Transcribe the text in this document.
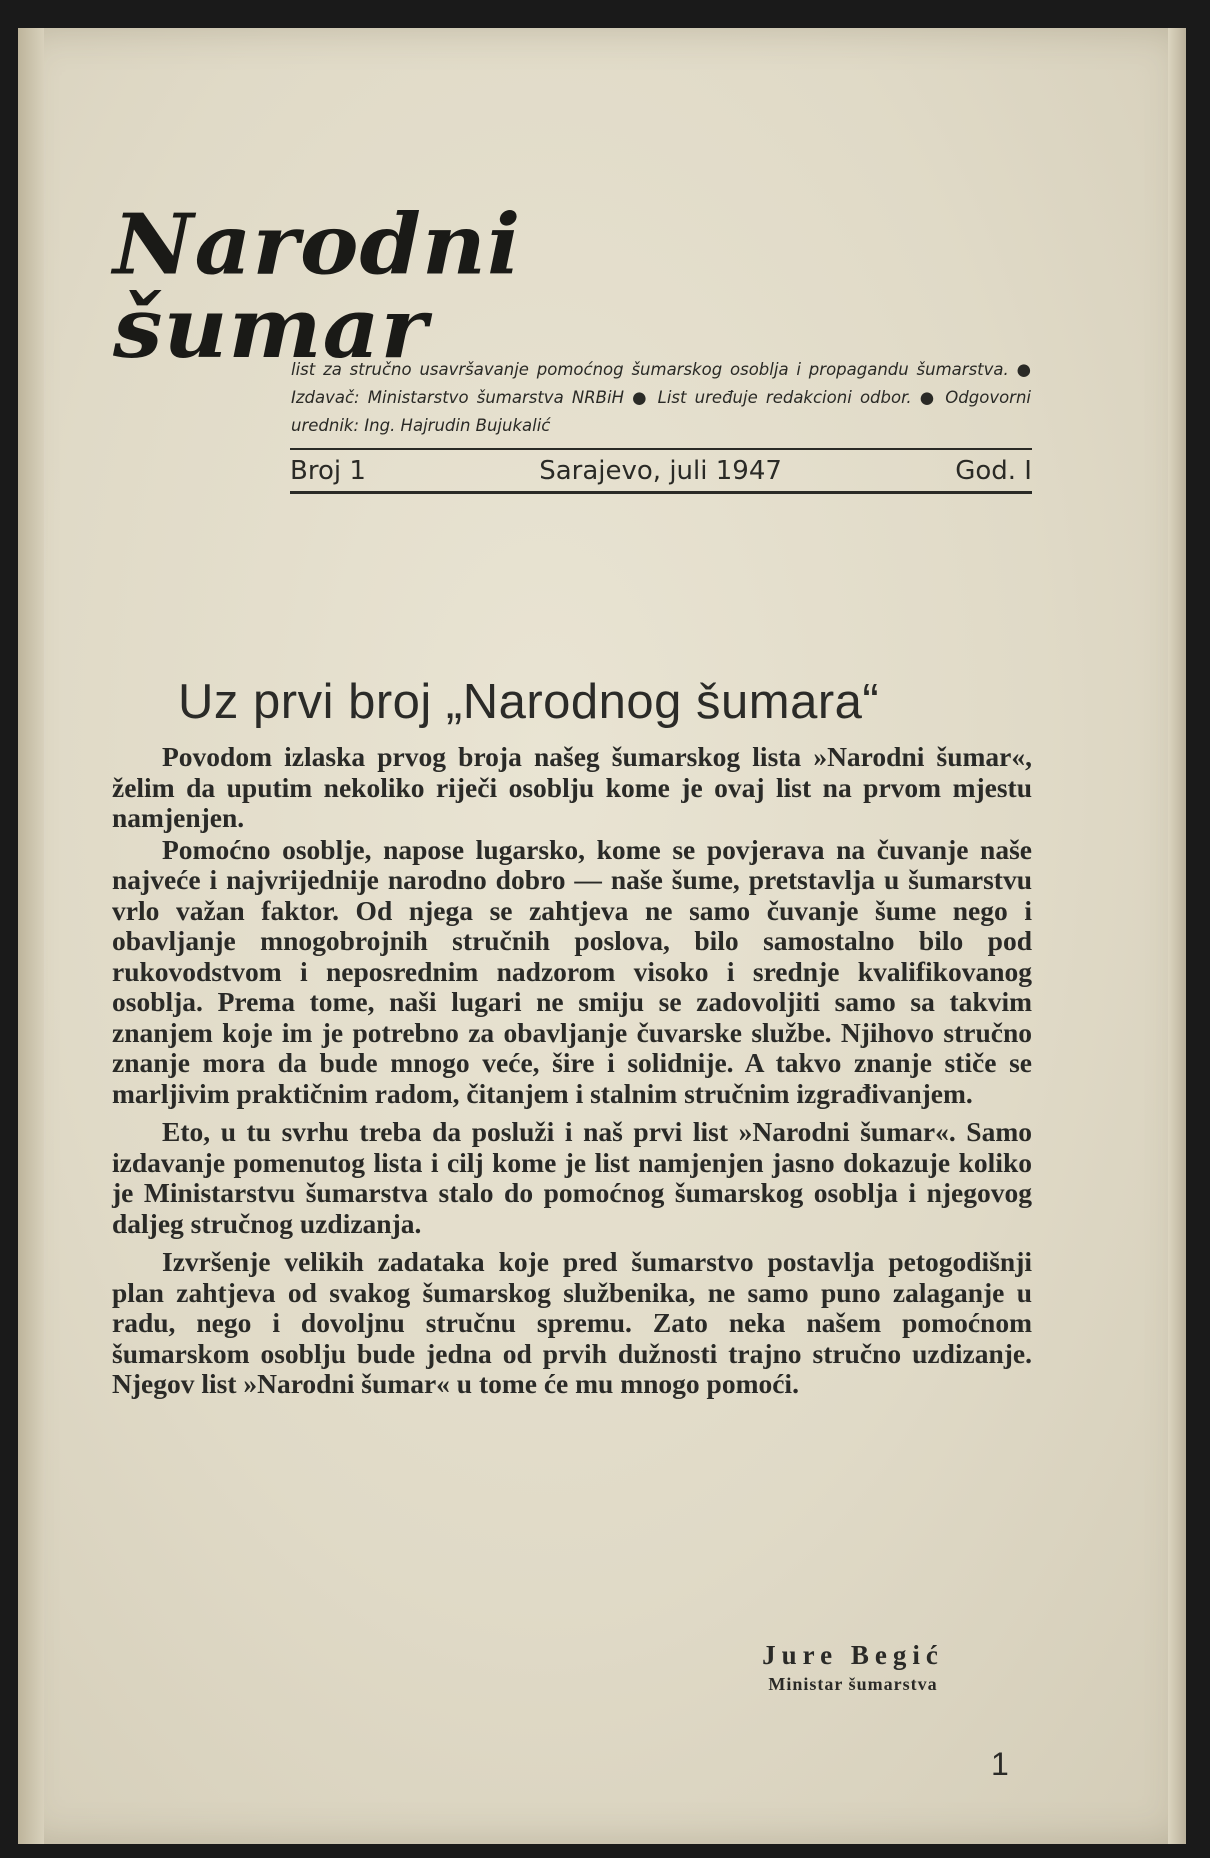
Narodni šumar
list za stručno usavršavanje pomoćnog šumarskog osoblja i propagandu šumarstva. ● Izdavač: Ministarstvo šumarstva NRBiH ● List uređuje redakcioni odbor. ● Odgovorni urednik: Ing. Hajrudin Bujukalić
Broj 1	Sarajevo, juli 1947	God. I
Uz prvi broj „Narodnog šumara“

Povodom izlaska prvog broja našeg šumarskog lista »Narodni šumar«, želim da uputim nekoliko riječi osoblju kome je ovaj list na prvom mjestu namjenjen.

Pomoćno osoblje, napose lugarsko, kome se povjerava na čuvanje naše najveće i najvrijednije narodno dobro — naše šume, pretstavlja u šumarstvu vrlo važan faktor. Od njega se zahtjeva ne samo čuvanje šume nego i obavljanje mnogobrojnih stručnih poslova, bilo samostalno bilo pod rukovodstvom i neposrednim nadzorom visoko i srednje kvalifikovanog osoblja. Prema tome, naši lugari ne smiju se zadovoljiti samo sa takvim znanjem koje im je potrebno za obavljanje čuvarske službe. Njihovo stručno znanje mora da bude mnogo veće, šire i solidnije. A takvo znanje stiče se marljivim praktičnim radom, čitanjem i stalnim stručnim izgrađivanjem.

Eto, u tu svrhu treba da posluži i naš prvi list »Narodni šumar«. Samo izdavanje pomenutog lista i cilj kome je list namjenjen jasno dokazuje koliko je Ministarstvu šumarstva stalo do pomoćnog šumarskog osoblja i njegovog daljeg stručnog uzdizanja.

Izvršenje velikih zadataka koje pred šumarstvo postavlja petogodišnji plan zahtjeva od svakog šumarskog službenika, ne samo puno zalaganje u radu, nego i dovoljnu stručnu spremu. Zato neka našem pomoćnom šumarskom osoblju bude jedna od prvih dužnosti trajno stručno uzdizanje. Njegov list »Narodni šumar« u tome će mu mnogo pomoći.

Jure Begić
Ministar šumarstva
1
